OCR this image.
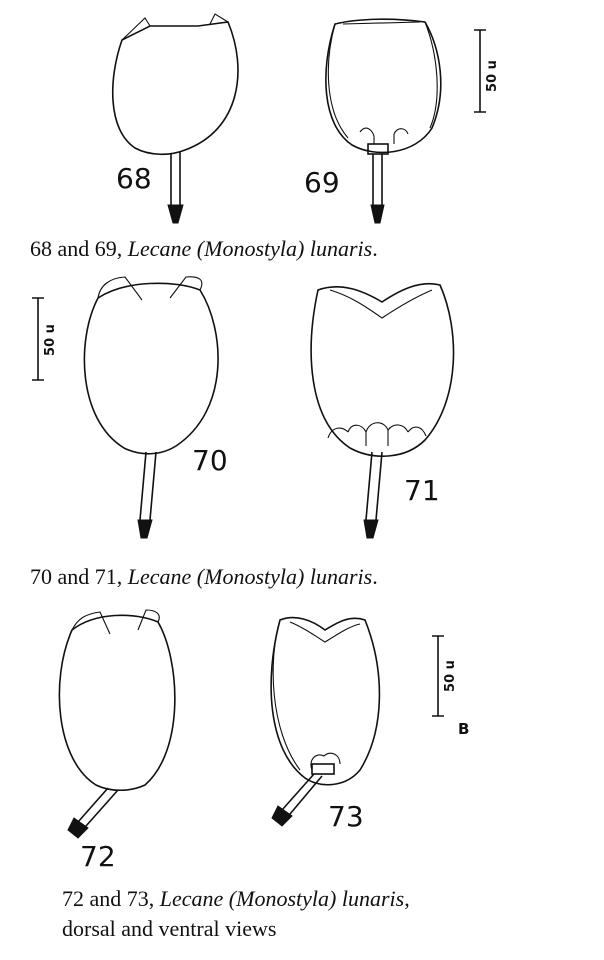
50 u
50 u
50 u
B
68	69
70
71
72
73
68 and 69, Lecane (Monostyla) lunaris.
70 and 71, Lecane (Monostyla) lunaris.
72 and 73, Lecane (Monostyla) lunaris,
dorsal and ventral views
